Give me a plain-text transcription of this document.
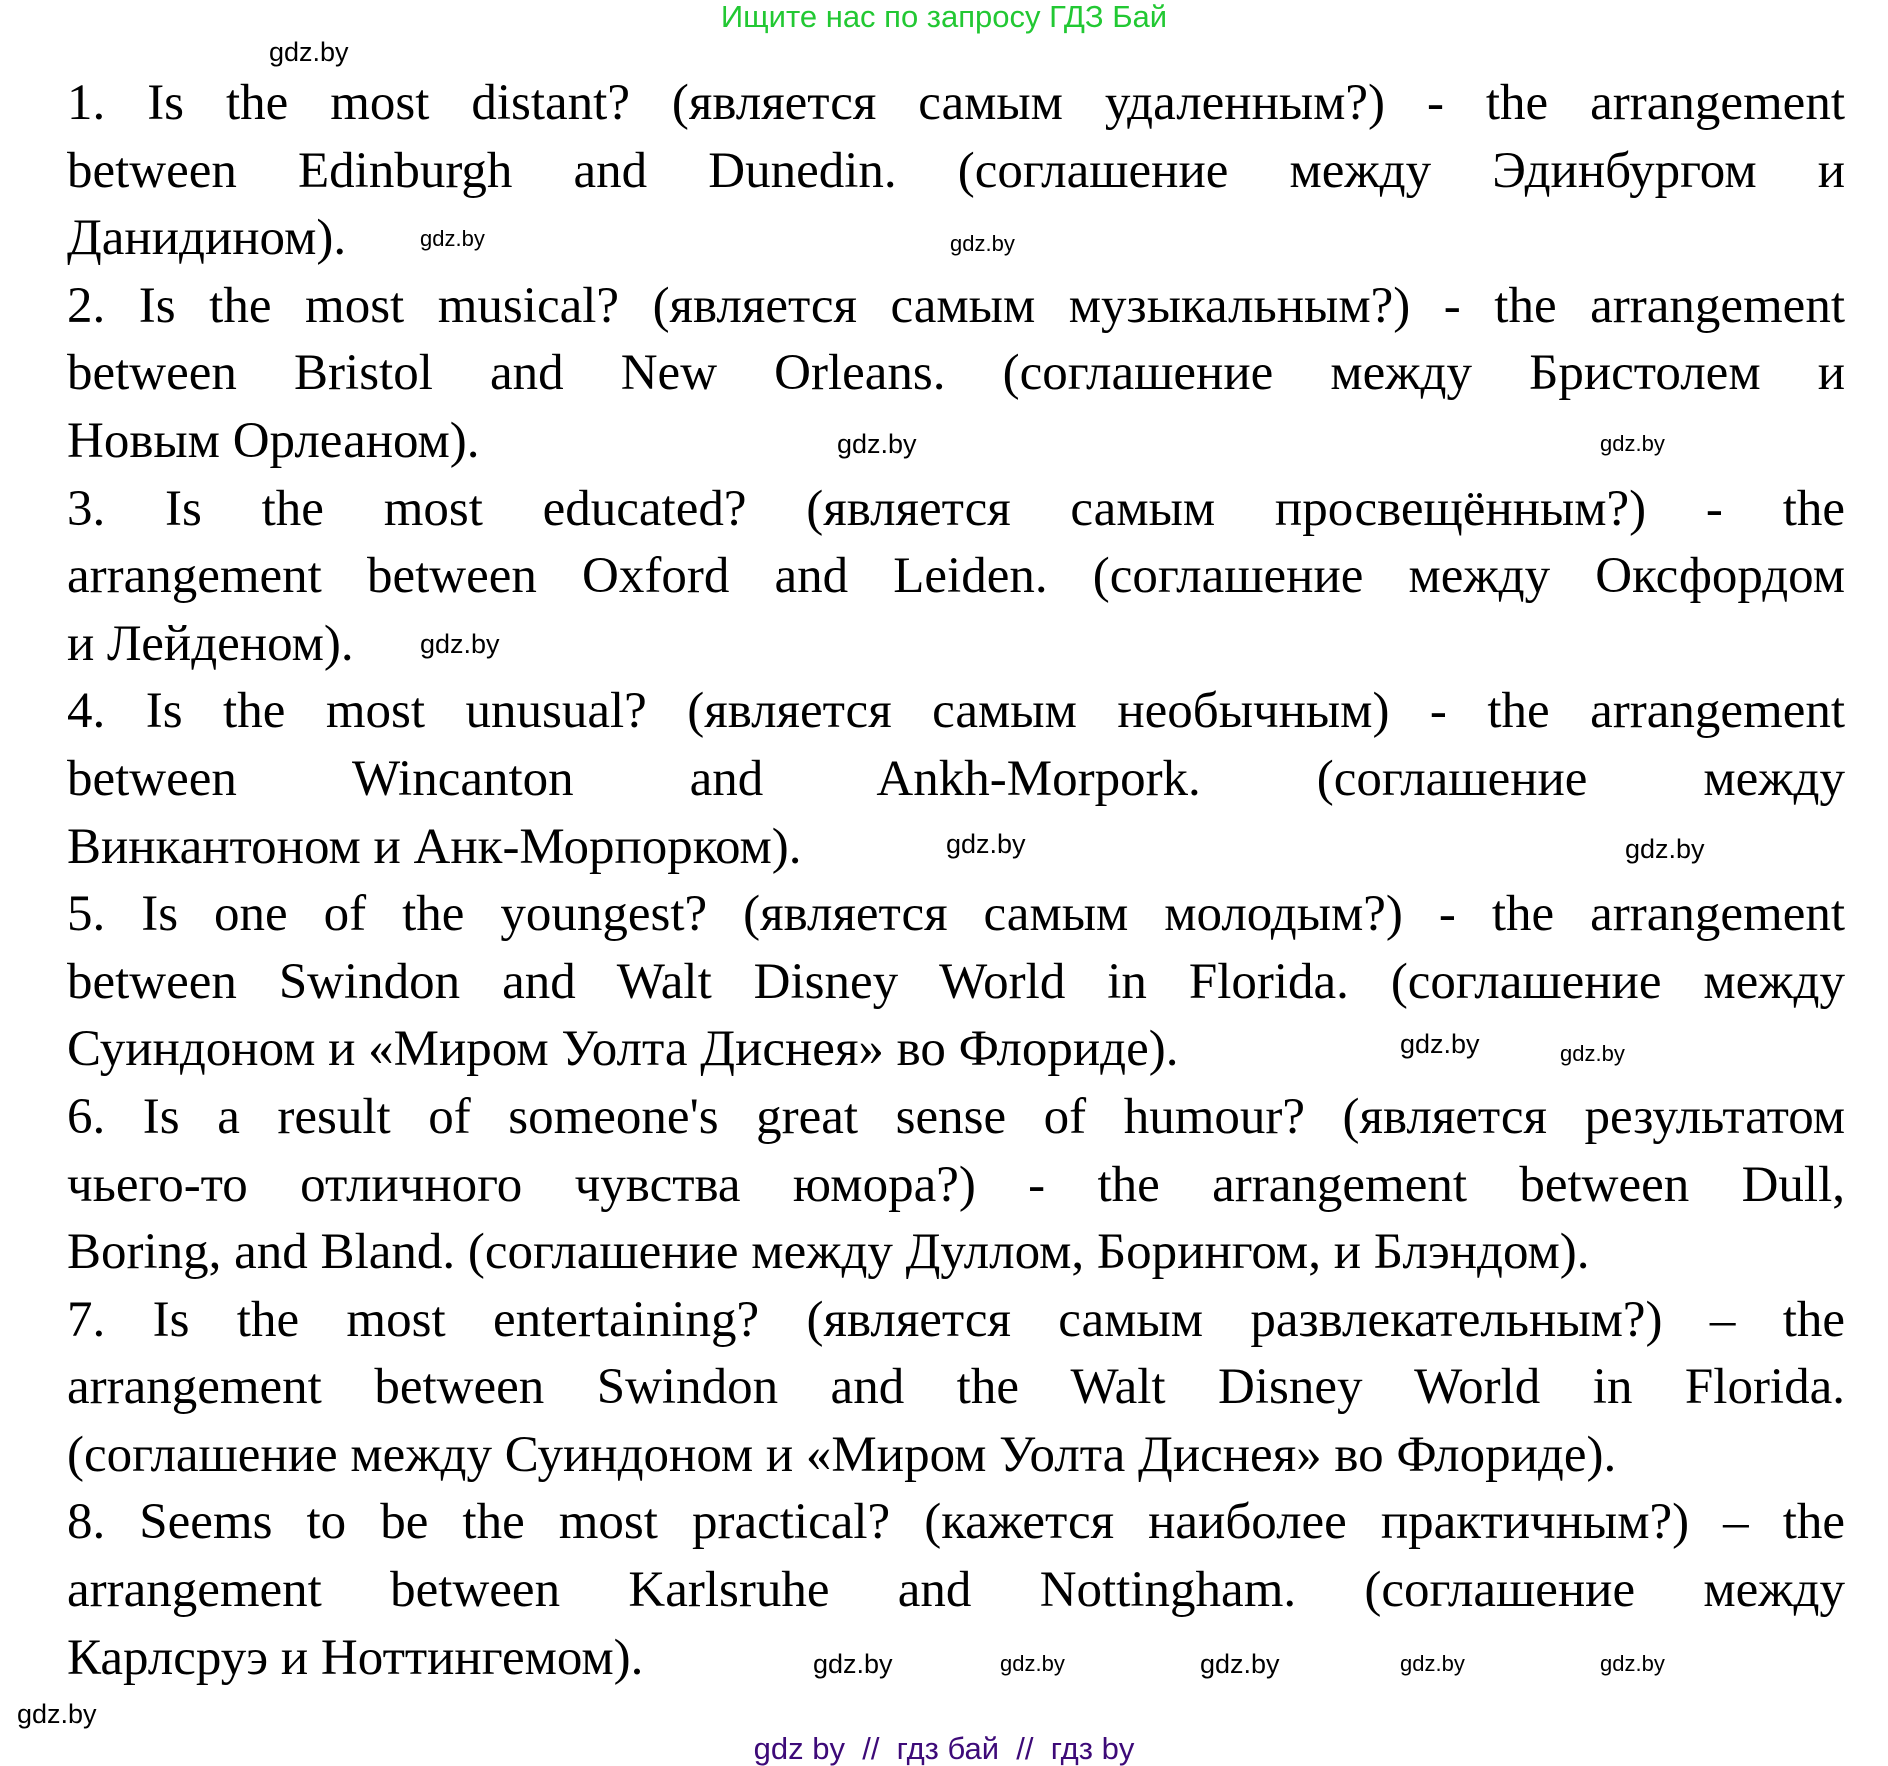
Ищите нас по запросу ГДЗ Бай
1. Is the most distant? (является самым удаленным?) - the arrangement
between Edinburgh and Dunedin. (соглашение между Эдинбургом и
Данидином).
2. Is the most musical? (является самым музыкальным?) - the arrangement
between Bristol and New Orleans. (соглашение между Бристолем и
Новым Орлеаном).
3. Is the most educated? (является самым просвещённым?) - the
arrangement between Oxford and Leiden. (соглашение между Оксфордом
и Лейденом).
4. Is the most unusual? (является самым необычным) - the arrangement
between Wincanton and Ankh-Morpork. (соглашение между
Винкантоном и Анк-Морпорком).
5. Is one of the youngest? (является самым молодым?) - the arrangement
between Swindon and Walt Disney World in Florida. (соглашение между
Суиндоном и «Миром Уолта Диснея» во Флориде).
6. Is a result of someone's great sense of humour? (является результатом
чьего-то отличного чувства юмора?) - the arrangement between Dull,
Boring, and Bland. (соглашение между Дуллом, Борингом, и Блэндом).
7. Is the most entertaining? (является самым развлекательным?) – the
arrangement between Swindon and the Walt Disney World in Florida.
(соглашение между Суиндоном и «Миром Уолта Диснея» во Флориде).
8. Seems to be the most practical? (кажется наиболее практичным?) – the
arrangement between Karlsruhe and Nottingham. (соглашение между
Карлсруэ и Ноттингемом).
gdz.by
gdz.by	gdz.by
gdz.by
gdz.by
gdz.by
gdz.by	gdz.by
gdz.by
gdz.by
gdz.by	gdz.by	gdz.by	gdz.by
gdz.by
gdz.by
gdz by  //  гдз бай  //  гдз by
